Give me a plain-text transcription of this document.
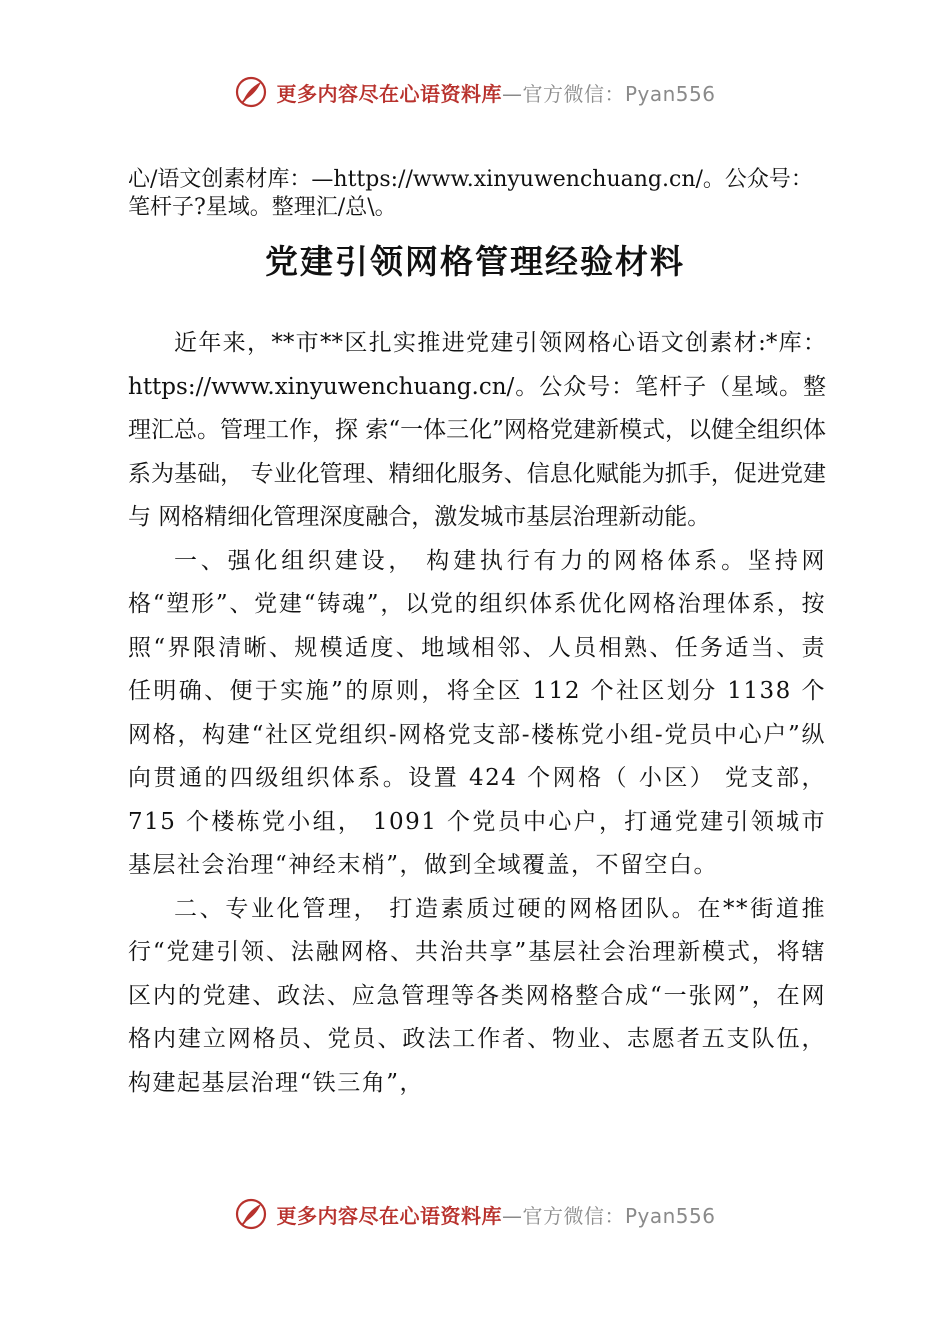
更多内容尽在心语资料库—官方微信：Pyan556
心/语文创素材库：—https://www.xinyuwenchuang.cn/。公众号：笔杆子?星域。整理汇/总\。
党建引领网格管理经验材料

近年来，**市**区扎实推进党建引领网格心语文创素材:*库：https://www.xinyuwenchuang.cn/。公众号：笔杆子（星域。整理汇总。管理工作，探 索“一体三化”网格党建新模式，以健全组织体系为基础， 专业化管理、精细化服务、信息化赋能为抓手，促进党建与 网格精细化管理深度融合，激发城市基层治理新动能。

一、强化组织建设， 构建执行有力的网格体系。坚持网格“塑形”、党建“铸魂”，以党的组织体系优化网格治理体系，按照“界限清晰、规模适度、地域相邻、人员相熟、任务适当、责任明确、便于实施”的原则，将全区 112 个社区划分 1138 个网格，构建“社区党组织-网格党支部-楼栋党小组-党员中心户”纵向贯通的四级组织体系。设置 424 个网格（ 小区） 党支部， 715 个楼栋党小组， 1091 个党员中心户，打通党建引领城市基层社会治理“神经末梢”，做到全域覆盖，不留空白。

二、专业化管理， 打造素质过硬的网格团队。在**街道推行“党建引领、法融网格、共治共享”基层社会治理新模式，将辖区内的党建、政法、应急管理等各类网格整合成“一张网”，在网格内建立网格员、党员、政法工作者、物业、志愿者五支队伍，构建起基层治理“铁三角”，

更多内容尽在心语资料库—官方微信：Pyan556
